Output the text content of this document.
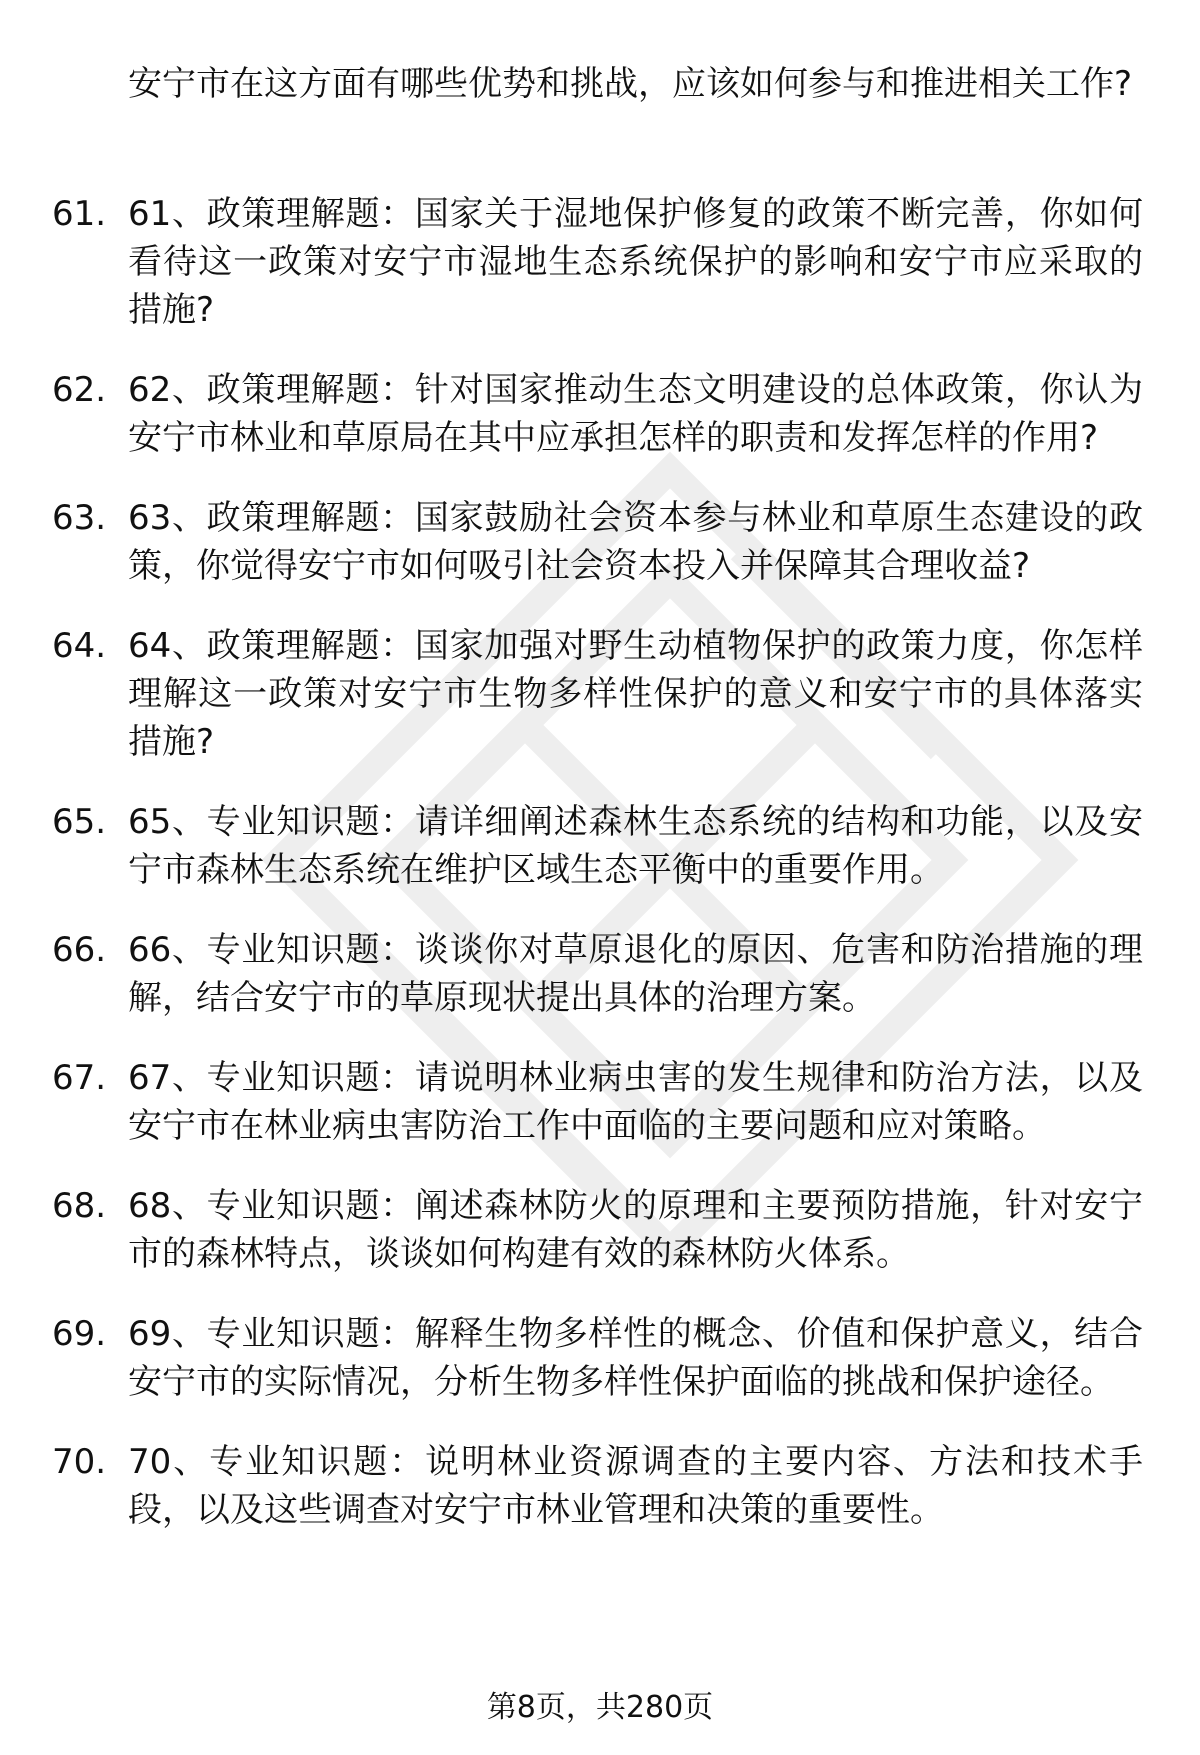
安宁市在这方面有哪些优势和挑战，应该如何参与和推进相关工作?

61. 61、政策理解题：国家关于湿地保护修复的政策不断完善，你如何看待这一政策对安宁市湿地生态系统保护的影响和安宁市应采取的措施?
62. 62、政策理解题：针对国家推动生态文明建设的总体政策，你认为安宁市林业和草原局在其中应承担怎样的职责和发挥怎样的作用?
63. 63、政策理解题：国家鼓励社会资本参与林业和草原生态建设的政策，你觉得安宁市如何吸引社会资本投入并保障其合理收益?
64. 64、政策理解题：国家加强对野生动植物保护的政策力度，你怎样理解这一政策对安宁市生物多样性保护的意义和安宁市的具体落实措施?
65. 65、专业知识题：请详细阐述森林生态系统的结构和功能，以及安宁市森林生态系统在维护区域生态平衡中的重要作用。
66. 66、专业知识题：谈谈你对草原退化的原因、危害和防治措施的理解，结合安宁市的草原现状提出具体的治理方案。
67. 67、专业知识题：请说明林业病虫害的发生规律和防治方法，以及安宁市在林业病虫害防治工作中面临的主要问题和应对策略。
68. 68、专业知识题：阐述森林防火的原理和主要预防措施，针对安宁市的森林特点，谈谈如何构建有效的森林防火体系。
69. 69、专业知识题：解释生物多样性的概念、价值和保护意义，结合安宁市的实际情况，分析生物多样性保护面临的挑战和保护途径。
70. 70、专业知识题：说明林业资源调查的主要内容、方法和技术手段，以及这些调查对安宁市林业管理和决策的重要性。
第8页，共280页
